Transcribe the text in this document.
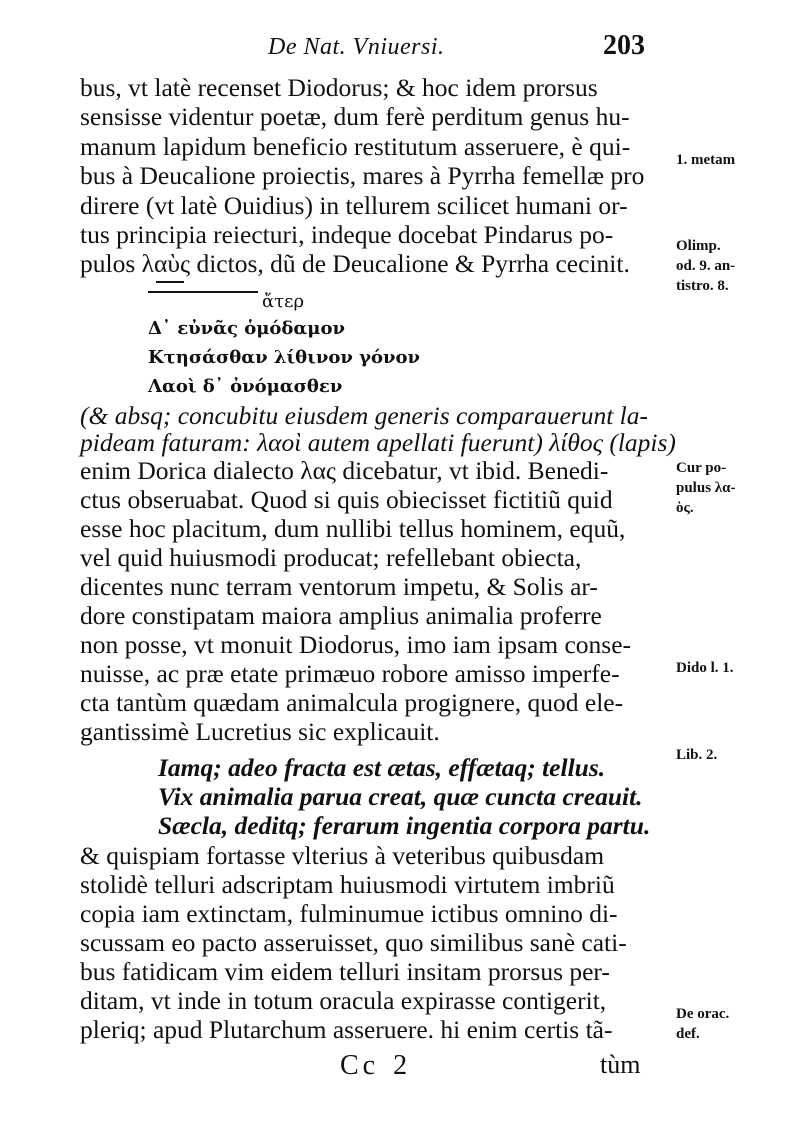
De Nat. Vniuersi.	203
bus, vt latè recenset Diodorus; & hoc idem prorsus
sensisse videntur poetæ, dum ferè perditum genus hu-
manum lapidum beneficio restitutum asseruere, è qui-
bus à Deucalione proiectis, mares à Pyrrha femellæ pro
direre (vt latè Ouidius) in tellurem scilicet humani or-
tus principia reiecturi, indeque docebat Pindarus po-
pulos λαὺς dictos, dũ de Deucalione & Pyrrha cecinit.
ἄτερ
Δ᾽ εὐνᾶς ὁμόδαμον
Κτησάσθαν λίθινον γόνον
Λαοὶ δ᾽ ὀνόμασθεν
(& absq; concubitu eiusdem generis comparauerunt la-
pideam faturam: λαοὶ autem apellati fuerunt) λίθος (lapis)
enim Dorica dialecto λας dicebatur, vt ibid. Benedi-
ctus obseruabat. Quod si quis obiecisset fictitiũ quid
esse hoc placitum, dum nullibi tellus hominem, equũ,
vel quid huiusmodi producat; refellebant obiecta,
dicentes nunc terram ventorum impetu, & Solis ar-
dore constipatam maiora amplius animalia proferre
non posse, vt monuit Diodorus, imo iam ipsam conse-
nuisse, ac præ etate primæuo robore amisso imperfe-
cta tantùm quædam animalcula progignere, quod ele-
gantissimè Lucretius sic explicauit.
Iamq; adeo fracta est ætas, effætaq; tellus.
Vix animalia parua creat, quæ cuncta creauit.
Sæcla, deditq; ferarum ingentia corpora partu.
& quispiam fortasse vlterius à veteribus quibusdam
stolidè telluri adscriptam huiusmodi virtutem imbriũ
copia iam extinctam, fulminumue ictibus omnino di-
scussam eo pacto asseruisset, quo similibus sanè cati-
bus fatidicam vim eidem telluri insitam prorsus per-
ditam, vt inde in totum oracula expirasse contigerit,
pleriq; apud Plutarchum asseruere. hi enim certis tã-
1. metam
Olimp.
od. 9. an-
tistro. 8.
Cur po-
pulus λα-
ὸς.
Dido l. 1.
Lib. 2.
De orac.
def.
Cc 2	tùm
